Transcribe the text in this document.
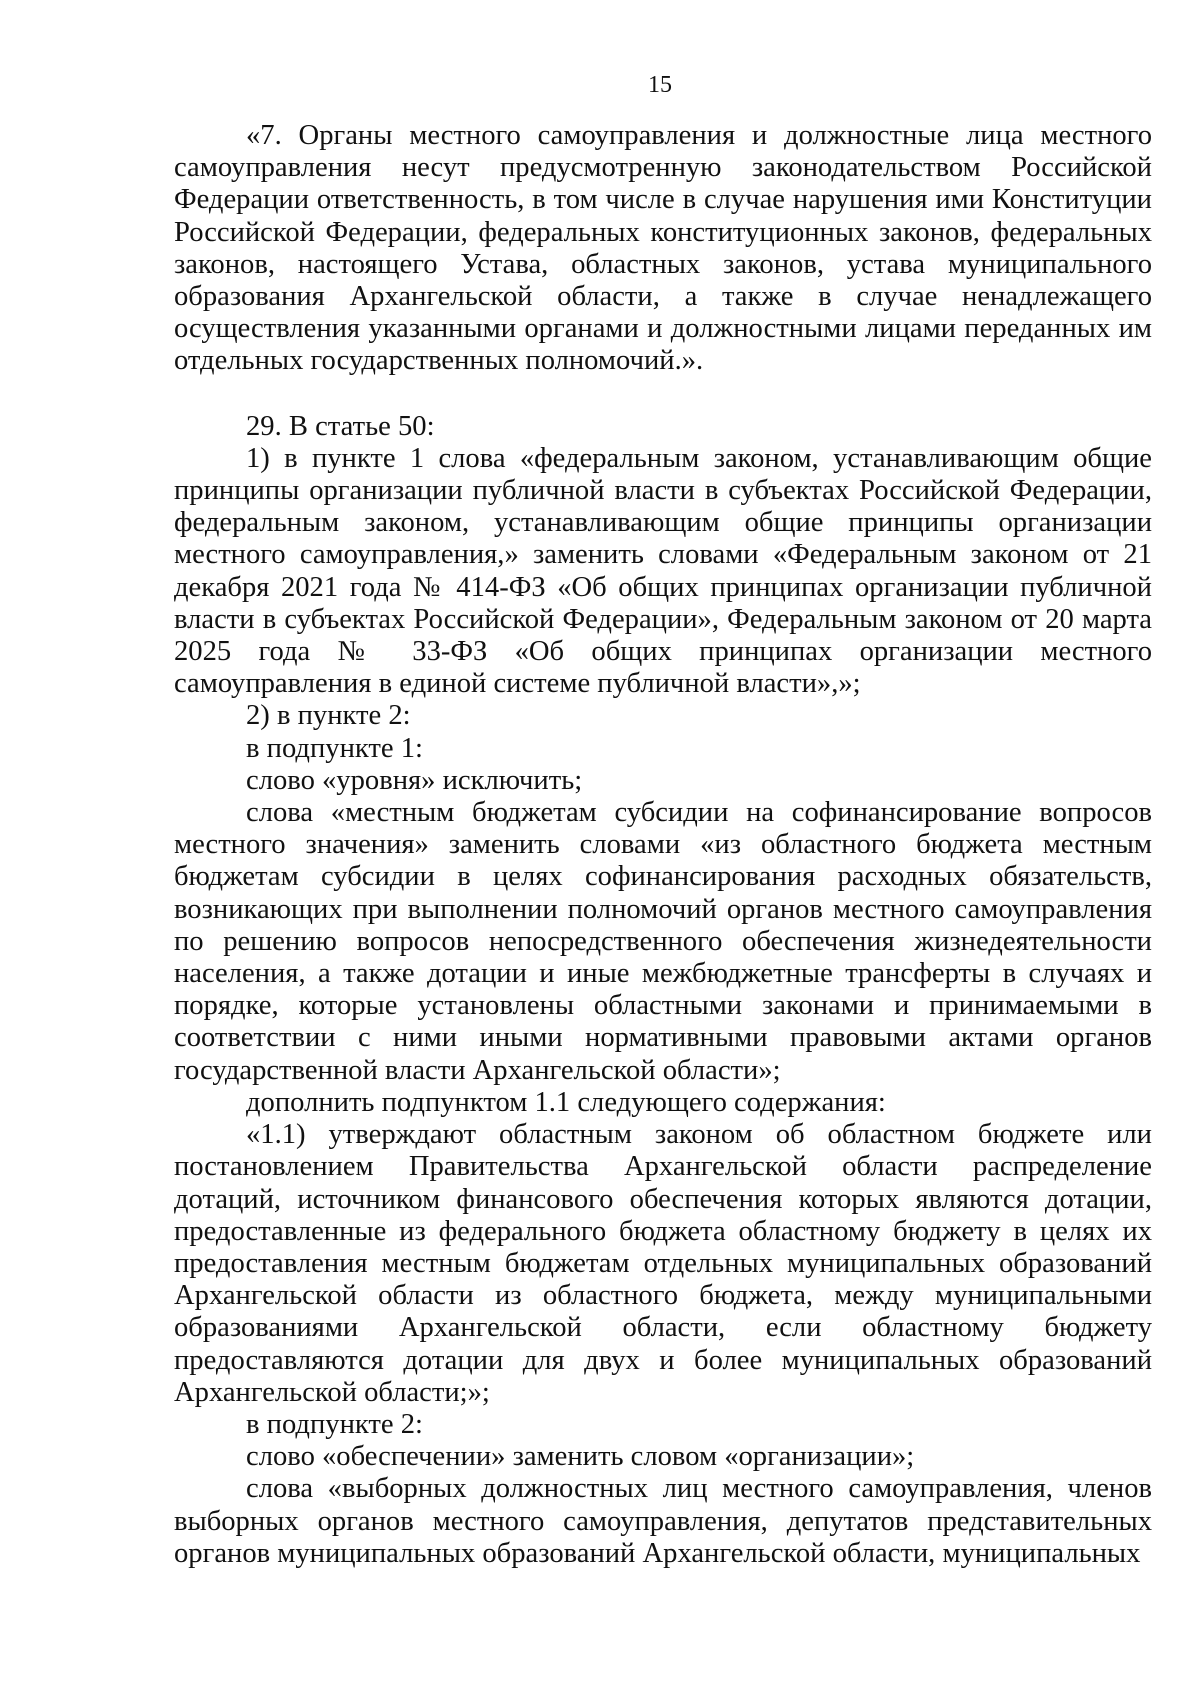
15

«7. Органы местного самоуправления и должностные лица местного самоуправления несут предусмотренную законодательством Российской Федерации ответственность, в том числе в случае нарушения ими Конституции Российской Федерации, федеральных конституционных законов, федеральных законов, настоящего Устава, областных законов, устава муниципального образования Архангельской области, а также в случае ненадлежащего осуществления указанными органами и должностными лицами переданных им отдельных государственных полномочий.».

29. В статье 50:

1) в пункте 1 слова «федеральным законом, устанавливающим общие принципы организации публичной власти в субъектах Российской Федерации, федеральным законом, устанавливающим общие принципы организации местного самоуправления,» заменить словами «Федеральным законом от 21 декабря 2021 года № 414-ФЗ «Об общих принципах организации публичной власти в субъектах Российской Федерации», Федеральным законом от 20 марта 2025 года № 33-ФЗ «Об общих принципах организации местного самоуправления в единой системе публичной власти»,»;

2) в пункте 2:

в подпункте 1:

слово «уровня» исключить;

слова «местным бюджетам субсидии на софинансирование вопросов местного значения» заменить словами «из областного бюджета местным бюджетам субсидии в целях софинансирования расходных обязательств, возникающих при выполнении полномочий органов местного самоуправления по решению вопросов непосредственного обеспечения жизнедеятельности населения, а также дотации и иные межбюджетные трансферты в случаях и порядке, которые установлены областными законами и принимаемыми в соответствии с ними иными нормативными правовыми актами органов государственной власти Архангельской области»;

дополнить подпунктом 1.1 следующего содержания:

«1.1) утверждают областным законом об областном бюджете или постановлением Правительства Архангельской области распределение дотаций, источником финансового обеспечения которых являются дотации, предоставленные из федерального бюджета областному бюджету в целях их предоставления местным бюджетам отдельных муниципальных образований Архангельской области из областного бюджета, между муниципальными образованиями Архангельской области, если областному бюджету предоставляются дотации для двух и более муниципальных образований Архангельской области;»;

в подпункте 2:

слово «обеспечении» заменить словом «организации»;

слова «выборных должностных лиц местного самоуправления, членов выборных органов местного самоуправления, депутатов представительных органов муниципальных образований Архангельской области, муниципальных
